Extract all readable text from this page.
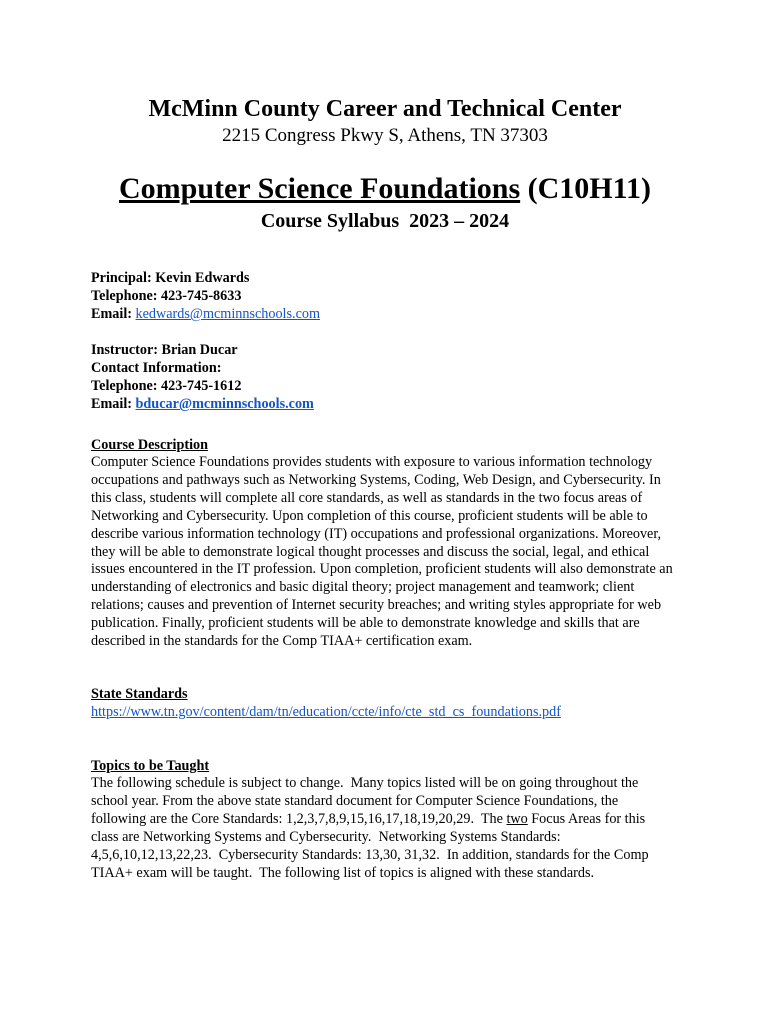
McMinn County Career and Technical Center
2215 Congress Pkwy S, Athens, TN 37303
Computer Science Foundations (C10H11)
Course Syllabus  2023 – 2024
Principal: Kevin Edwards
Telephone: 423-745-8633
Email: kedwards@mcminnschools.com
Instructor: Brian Ducar
Contact Information:
Telephone: 423-745-1612
Email: bducar@mcminnschools.com
Course Description
Computer Science Foundations provides students with exposure to various information technology occupations and pathways such as Networking Systems, Coding, Web Design, and Cybersecurity. In this class, students will complete all core standards, as well as standards in the two focus areas of Networking and Cybersecurity. Upon completion of this course, proficient students will be able to describe various information technology (IT) occupations and professional organizations. Moreover, they will be able to demonstrate logical thought processes and discuss the social, legal, and ethical issues encountered in the IT profession. Upon completion, proficient students will also demonstrate an understanding of electronics and basic digital theory; project management and teamwork; client relations; causes and prevention of Internet security breaches; and writing styles appropriate for web publication. Finally, proficient students will be able to demonstrate knowledge and skills that are described in the standards for the Comp TIAA+ certification exam.
State Standards
https://www.tn.gov/content/dam/tn/education/ccte/info/cte_std_cs_foundations.pdf
Topics to be Taught
The following schedule is subject to change.  Many topics listed will be on going throughout the school year. From the above state standard document for Computer Science Foundations, the following are the Core Standards: 1,2,3,7,8,9,15,16,17,18,19,20,29.  The two Focus Areas for this class are Networking Systems and Cybersecurity.  Networking Systems Standards: 4,5,6,10,12,13,22,23.  Cybersecurity Standards: 13,30, 31,32.  In addition, standards for the Comp TIAA+ exam will be taught.  The following list of topics is aligned with these standards.
